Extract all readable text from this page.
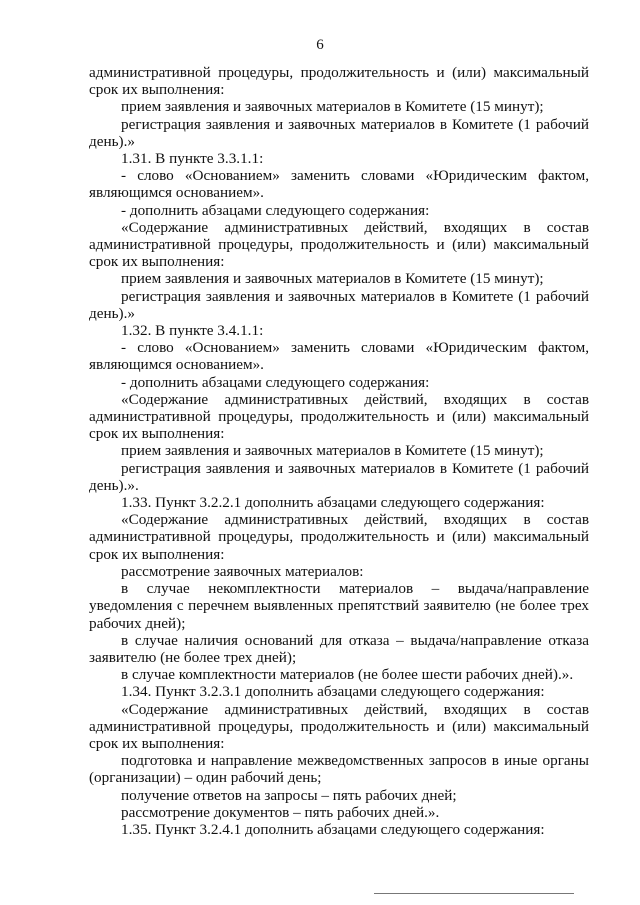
6

административной процедуры, продолжительность и (или) максимальный срок их выполнения:

прием заявления и заявочных материалов в Комитете (15 минут);

регистрация заявления и заявочных материалов в Комитете (1 рабочий день).»

1.31. В пункте 3.3.1.1:

- слово «Основанием» заменить словами «Юридическим фактом, являющимся основанием».

- дополнить абзацами следующего содержания:

«Содержание административных действий, входящих в состав административной процедуры, продолжительность и (или) максимальный срок их выполнения:

прием заявления и заявочных материалов в Комитете (15 минут);

регистрация заявления и заявочных материалов в Комитете (1 рабочий день).»

1.32. В пункте 3.4.1.1:

- слово «Основанием» заменить словами «Юридическим фактом, являющимся основанием».

- дополнить абзацами следующего содержания:

«Содержание административных действий, входящих в состав административной процедуры, продолжительность и (или) максимальный срок их выполнения:

прием заявления и заявочных материалов в Комитете (15 минут);

регистрация заявления и заявочных материалов в Комитете (1 рабочий день).».

1.33. Пункт 3.2.2.1 дополнить абзацами следующего содержания:

«Содержание административных действий, входящих в состав административной процедуры, продолжительность и (или) максимальный срок их выполнения:

рассмотрение заявочных материалов:

в случае некомплектности материалов – выдача/направление уведомления с перечнем выявленных препятствий заявителю (не более трех рабочих дней);

в случае наличия оснований для отказа – выдача/направление отказа заявителю (не более трех дней);

в случае комплектности материалов (не более шести рабочих дней).».

1.34. Пункт 3.2.3.1 дополнить абзацами следующего содержания:

«Содержание административных действий, входящих в состав административной процедуры, продолжительность и (или) максимальный срок их выполнения:

подготовка и направление межведомственных запросов в иные органы (организации) – один рабочий день;

получение ответов на запросы – пять рабочих дней;

рассмотрение документов – пять рабочих дней.».

1.35. Пункт 3.2.4.1 дополнить абзацами следующего содержания:
